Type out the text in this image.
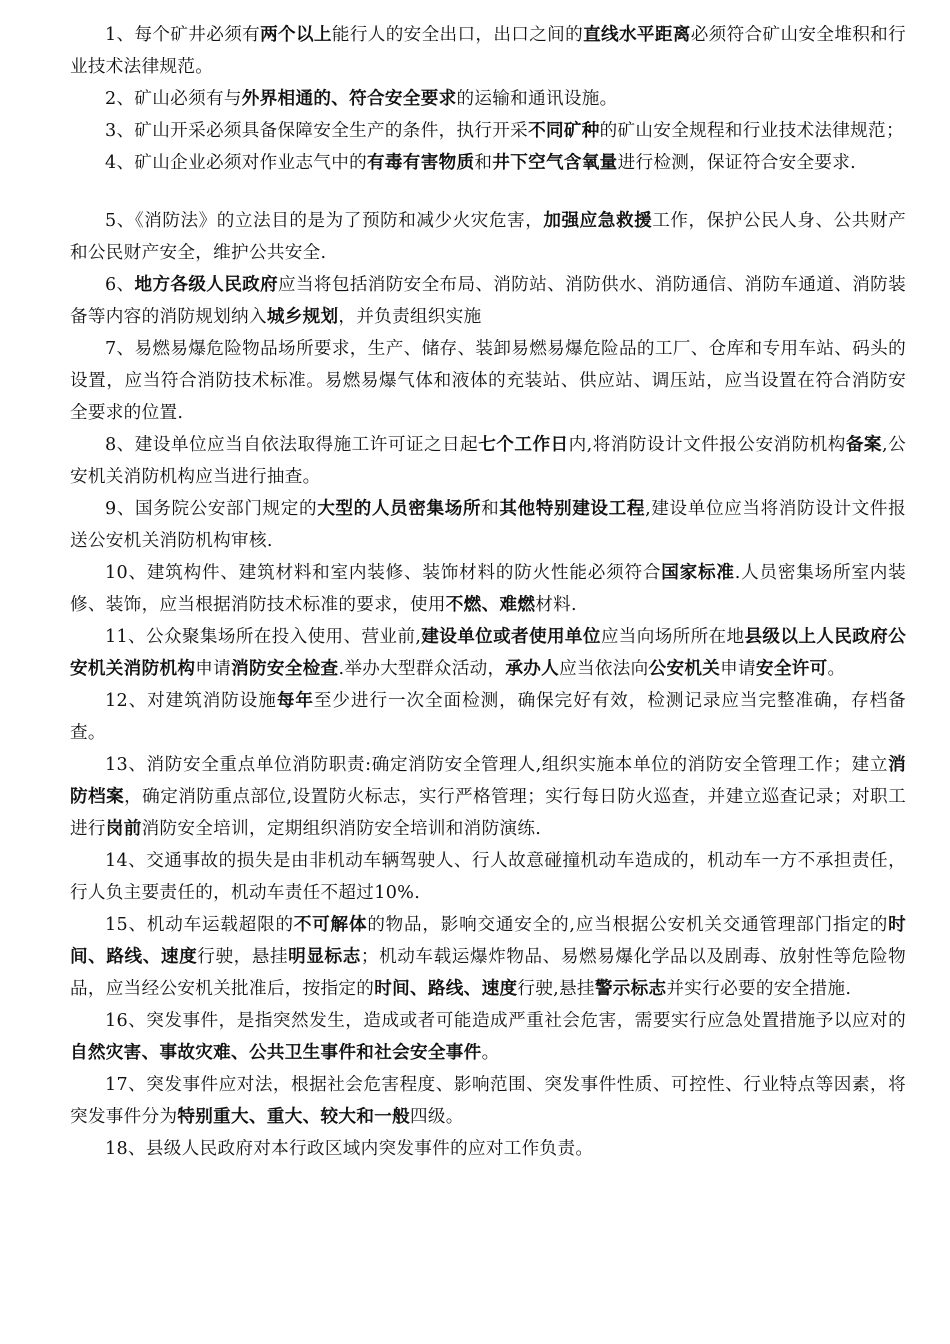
1、每个矿井必须有两个以上能行人的安全出口，出口之间的直线水平距离必须符合矿山安全堆积和行业技术法律规范。

2、矿山必须有与外界相通的、符合安全要求的运输和通讯设施。

3、矿山开采必须具备保障安全生产的条件，执行开采不同矿种的矿山安全规程和行业技术法律规范；

4、矿山企业必须对作业志气中的有毒有害物质和井下空气含氧量进行检测，保证符合安全要求.

5、《消防法》的立法目的是为了预防和减少火灾危害，加强应急救援工作，保护公民人身、公共财产和公民财产安全，维护公共安全.

6、地方各级人民政府应当将包括消防安全布局、消防站、消防供水、消防通信、消防车通道、消防装备等内容的消防规划纳入城乡规划，并负责组织实施

7、易燃易爆危险物品场所要求，生产、储存、装卸易燃易爆危险品的工厂、仓库和专用车站、码头的设置，应当符合消防技术标准。易燃易爆气体和液体的充装站、供应站、调压站，应当设置在符合消防安全要求的位置.

8、建设单位应当自依法取得施工许可证之日起七个工作日内,将消防设计文件报公安消防机构备案,公安机关消防机构应当进行抽查。

9、国务院公安部门规定的大型的人员密集场所和其他特别建设工程,建设单位应当将消防设计文件报送公安机关消防机构审核.

10、建筑构件、建筑材料和室内装修、装饰材料的防火性能必须符合国家标准.人员密集场所室内装修、装饰，应当根据消防技术标准的要求，使用不燃、难燃材料.

11、公众聚集场所在投入使用、营业前,建设单位或者使用单位应当向场所所在地县级以上人民政府公安机关消防机构申请消防安全检查.举办大型群众活动，承办人应当依法向公安机关申请安全许可。

12、对建筑消防设施每年至少进行一次全面检测，确保完好有效，检测记录应当完整准确，存档备查。

13、消防安全重点单位消防职责:确定消防安全管理人,组织实施本单位的消防安全管理工作；建立消防档案，确定消防重点部位,设置防火标志，实行严格管理；实行每日防火巡查，并建立巡查记录；对职工进行岗前消防安全培训，定期组织消防安全培训和消防演练.

14、交通事故的损失是由非机动车辆驾驶人、行人故意碰撞机动车造成的，机动车一方不承担责任，行人负主要责任的，机动车责任不超过10%.

15、机动车运载超限的不可解体的物品，影响交通安全的,应当根据公安机关交通管理部门指定的时间、路线、速度行驶，悬挂明显标志；机动车载运爆炸物品、易燃易爆化学品以及剧毒、放射性等危险物品，应当经公安机关批准后，按指定的时间、路线、速度行驶,悬挂警示标志并实行必要的安全措施.

16、突发事件，是指突然发生，造成或者可能造成严重社会危害，需要实行应急处置措施予以应对的自然灾害、事故灾难、公共卫生事件和社会安全事件。

17、突发事件应对法，根据社会危害程度、影响范围、突发事件性质、可控性、行业特点等因素，将突发事件分为特别重大、重大、较大和一般四级。

18、县级人民政府对本行政区域内突发事件的应对工作负责。
